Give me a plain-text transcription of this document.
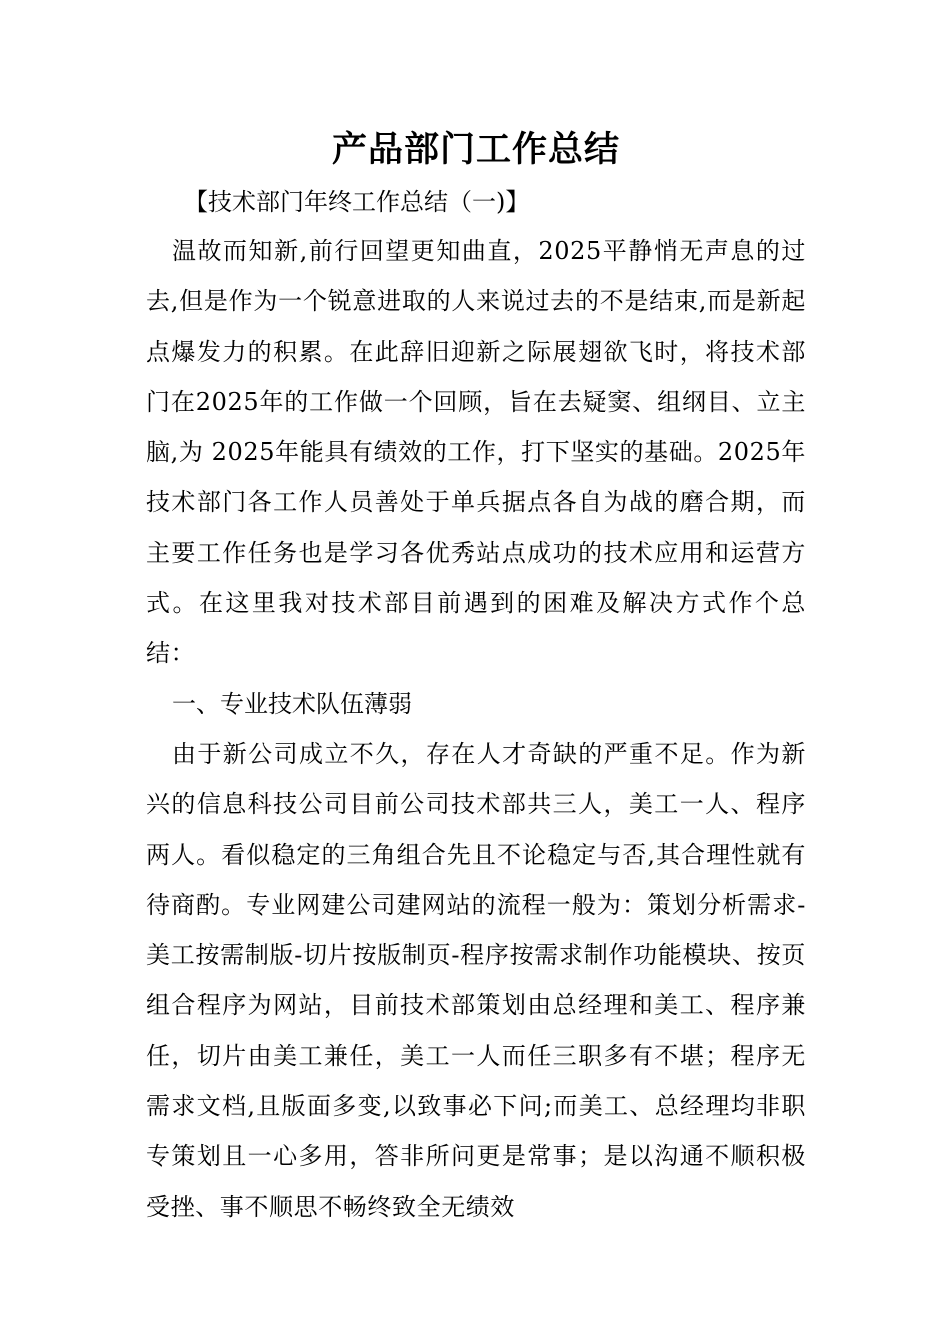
产品部门工作总结

【技术部门年终工作总结（一)】

温故而知新,前行回望更知曲直，2025平静悄无声息的过去,但是作为一个锐意进取的人来说过去的不是结束,而是新起点爆发力的积累。在此辞旧迎新之际展翅欲飞时，将技术部门在2025年的工作做一个回顾，旨在去疑窦、组纲目、立主脑,为 2025年能具有绩效的工作，打下坚实的基础。2025年技术部门各工作人员善处于单兵据点各自为战的磨合期，而主要工作任务也是学习各优秀站点成功的技术应用和运营方式。在这里我对技术部目前遇到的困难及解决方式作个总结：

一、专业技术队伍薄弱

由于新公司成立不久，存在人才奇缺的严重不足。作为新兴的信息科技公司目前公司技术部共三人，美工一人、程序两人。看似稳定的三角组合先且不论稳定与否,其合理性就有待商酌。专业网建公司建网站的流程一般为：策划分析需求-美工按需制版-切片按版制页-程序按需求制作功能模块、按页组合程序为网站，目前技术部策划由总经理和美工、程序兼任，切片由美工兼任，美工一人而任三职多有不堪；程序无需求文档,且版面多变,以致事必下问;而美工、总经理均非职专策划且一心多用，答非所问更是常事；是以沟通不顺积极受挫、事不顺思不畅终致全无绩效
